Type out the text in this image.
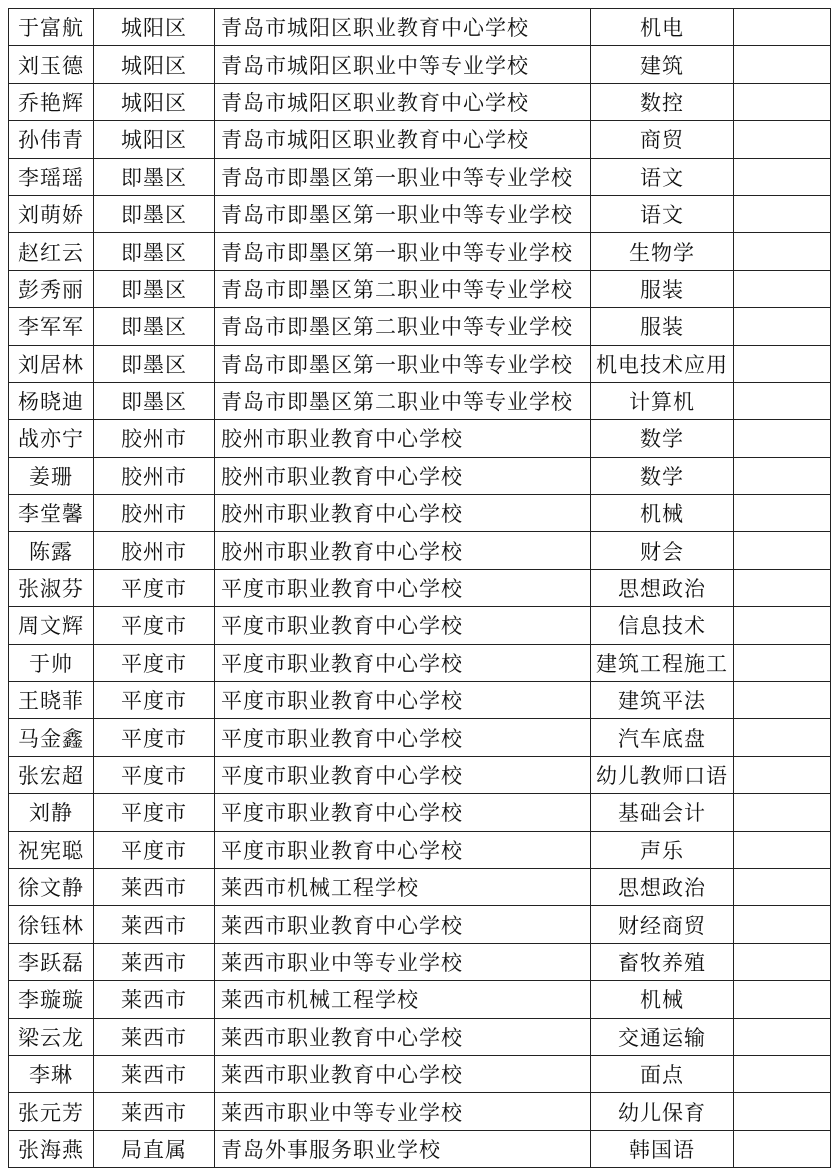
于富航	城阳区	青岛市城阳区职业教育中心学校	机电	
刘玉德	城阳区	青岛市城阳区职业中等专业学校	建筑	
乔艳辉	城阳区	青岛市城阳区职业教育中心学校	数控	
孙伟青	城阳区	青岛市城阳区职业教育中心学校	商贸	
李瑶瑶	即墨区	青岛市即墨区第一职业中等专业学校	语文	
刘萌娇	即墨区	青岛市即墨区第一职业中等专业学校	语文	
赵红云	即墨区	青岛市即墨区第一职业中等专业学校	生物学	
彭秀丽	即墨区	青岛市即墨区第二职业中等专业学校	服装	
李军军	即墨区	青岛市即墨区第二职业中等专业学校	服装	
刘居林	即墨区	青岛市即墨区第一职业中等专业学校	机电技术应用	
杨晓迪	即墨区	青岛市即墨区第二职业中等专业学校	计算机	
战亦宁	胶州市	胶州市职业教育中心学校	数学	
姜珊	胶州市	胶州市职业教育中心学校	数学	
李堂馨	胶州市	胶州市职业教育中心学校	机械	
陈露	胶州市	胶州市职业教育中心学校	财会	
张淑芬	平度市	平度市职业教育中心学校	思想政治	
周文辉	平度市	平度市职业教育中心学校	信息技术	
于帅	平度市	平度市职业教育中心学校	建筑工程施工	
王晓菲	平度市	平度市职业教育中心学校	建筑平法	
马金鑫	平度市	平度市职业教育中心学校	汽车底盘	
张宏超	平度市	平度市职业教育中心学校	幼儿教师口语	
刘静	平度市	平度市职业教育中心学校	基础会计	
祝宪聪	平度市	平度市职业教育中心学校	声乐	
徐文静	莱西市	莱西市机械工程学校	思想政治	
徐钰林	莱西市	莱西市职业教育中心学校	财经商贸	
李跃磊	莱西市	莱西市职业中等专业学校	畜牧养殖	
李璇璇	莱西市	莱西市机械工程学校	机械	
梁云龙	莱西市	莱西市职业教育中心学校	交通运输	
李琳	莱西市	莱西市职业教育中心学校	面点	
张元芳	莱西市	莱西市职业中等专业学校	幼儿保育	
张海燕	局直属	青岛外事服务职业学校	韩国语	
